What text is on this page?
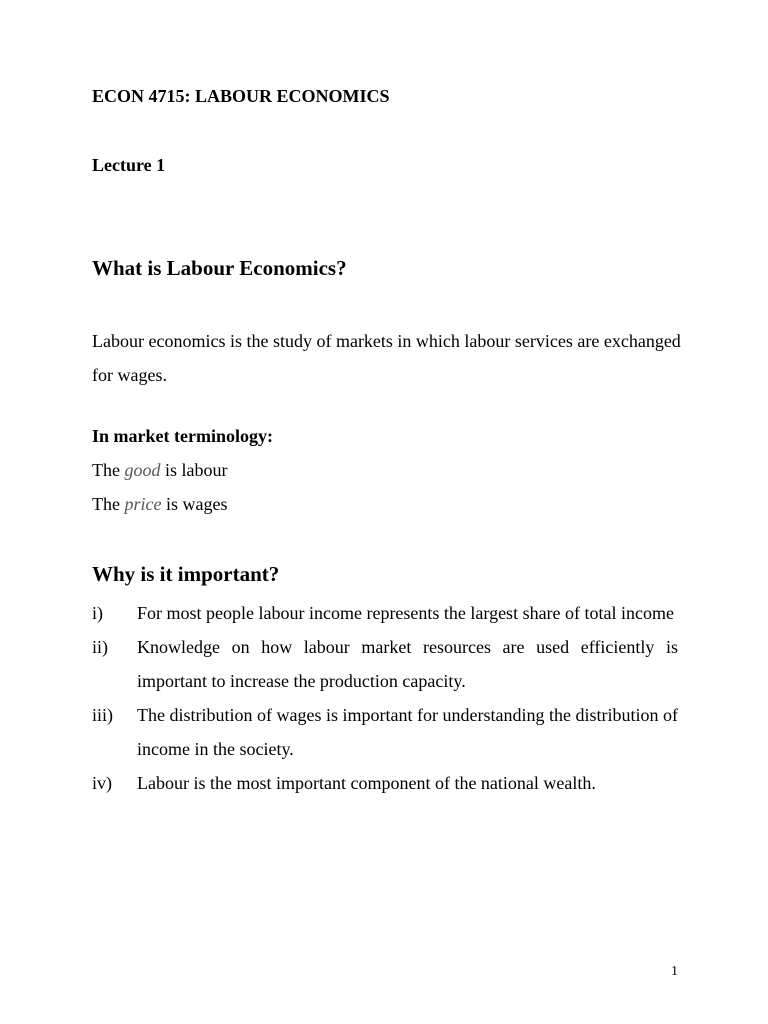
ECON 4715: LABOUR ECONOMICS
Lecture 1
What is Labour Economics?

Labour economics is the study of markets in which labour services are exchanged for wages.

In market terminology:
The good is labour
The price is wages
Why is it important?
i) For most people labour income represents the largest share of total income
ii) Knowledge on how labour market resources are used efficiently is important to increase the production capacity.
iii) The distribution of wages is important for understanding the distribution of income in the society.
iv) Labour is the most important component of the national wealth.
1
